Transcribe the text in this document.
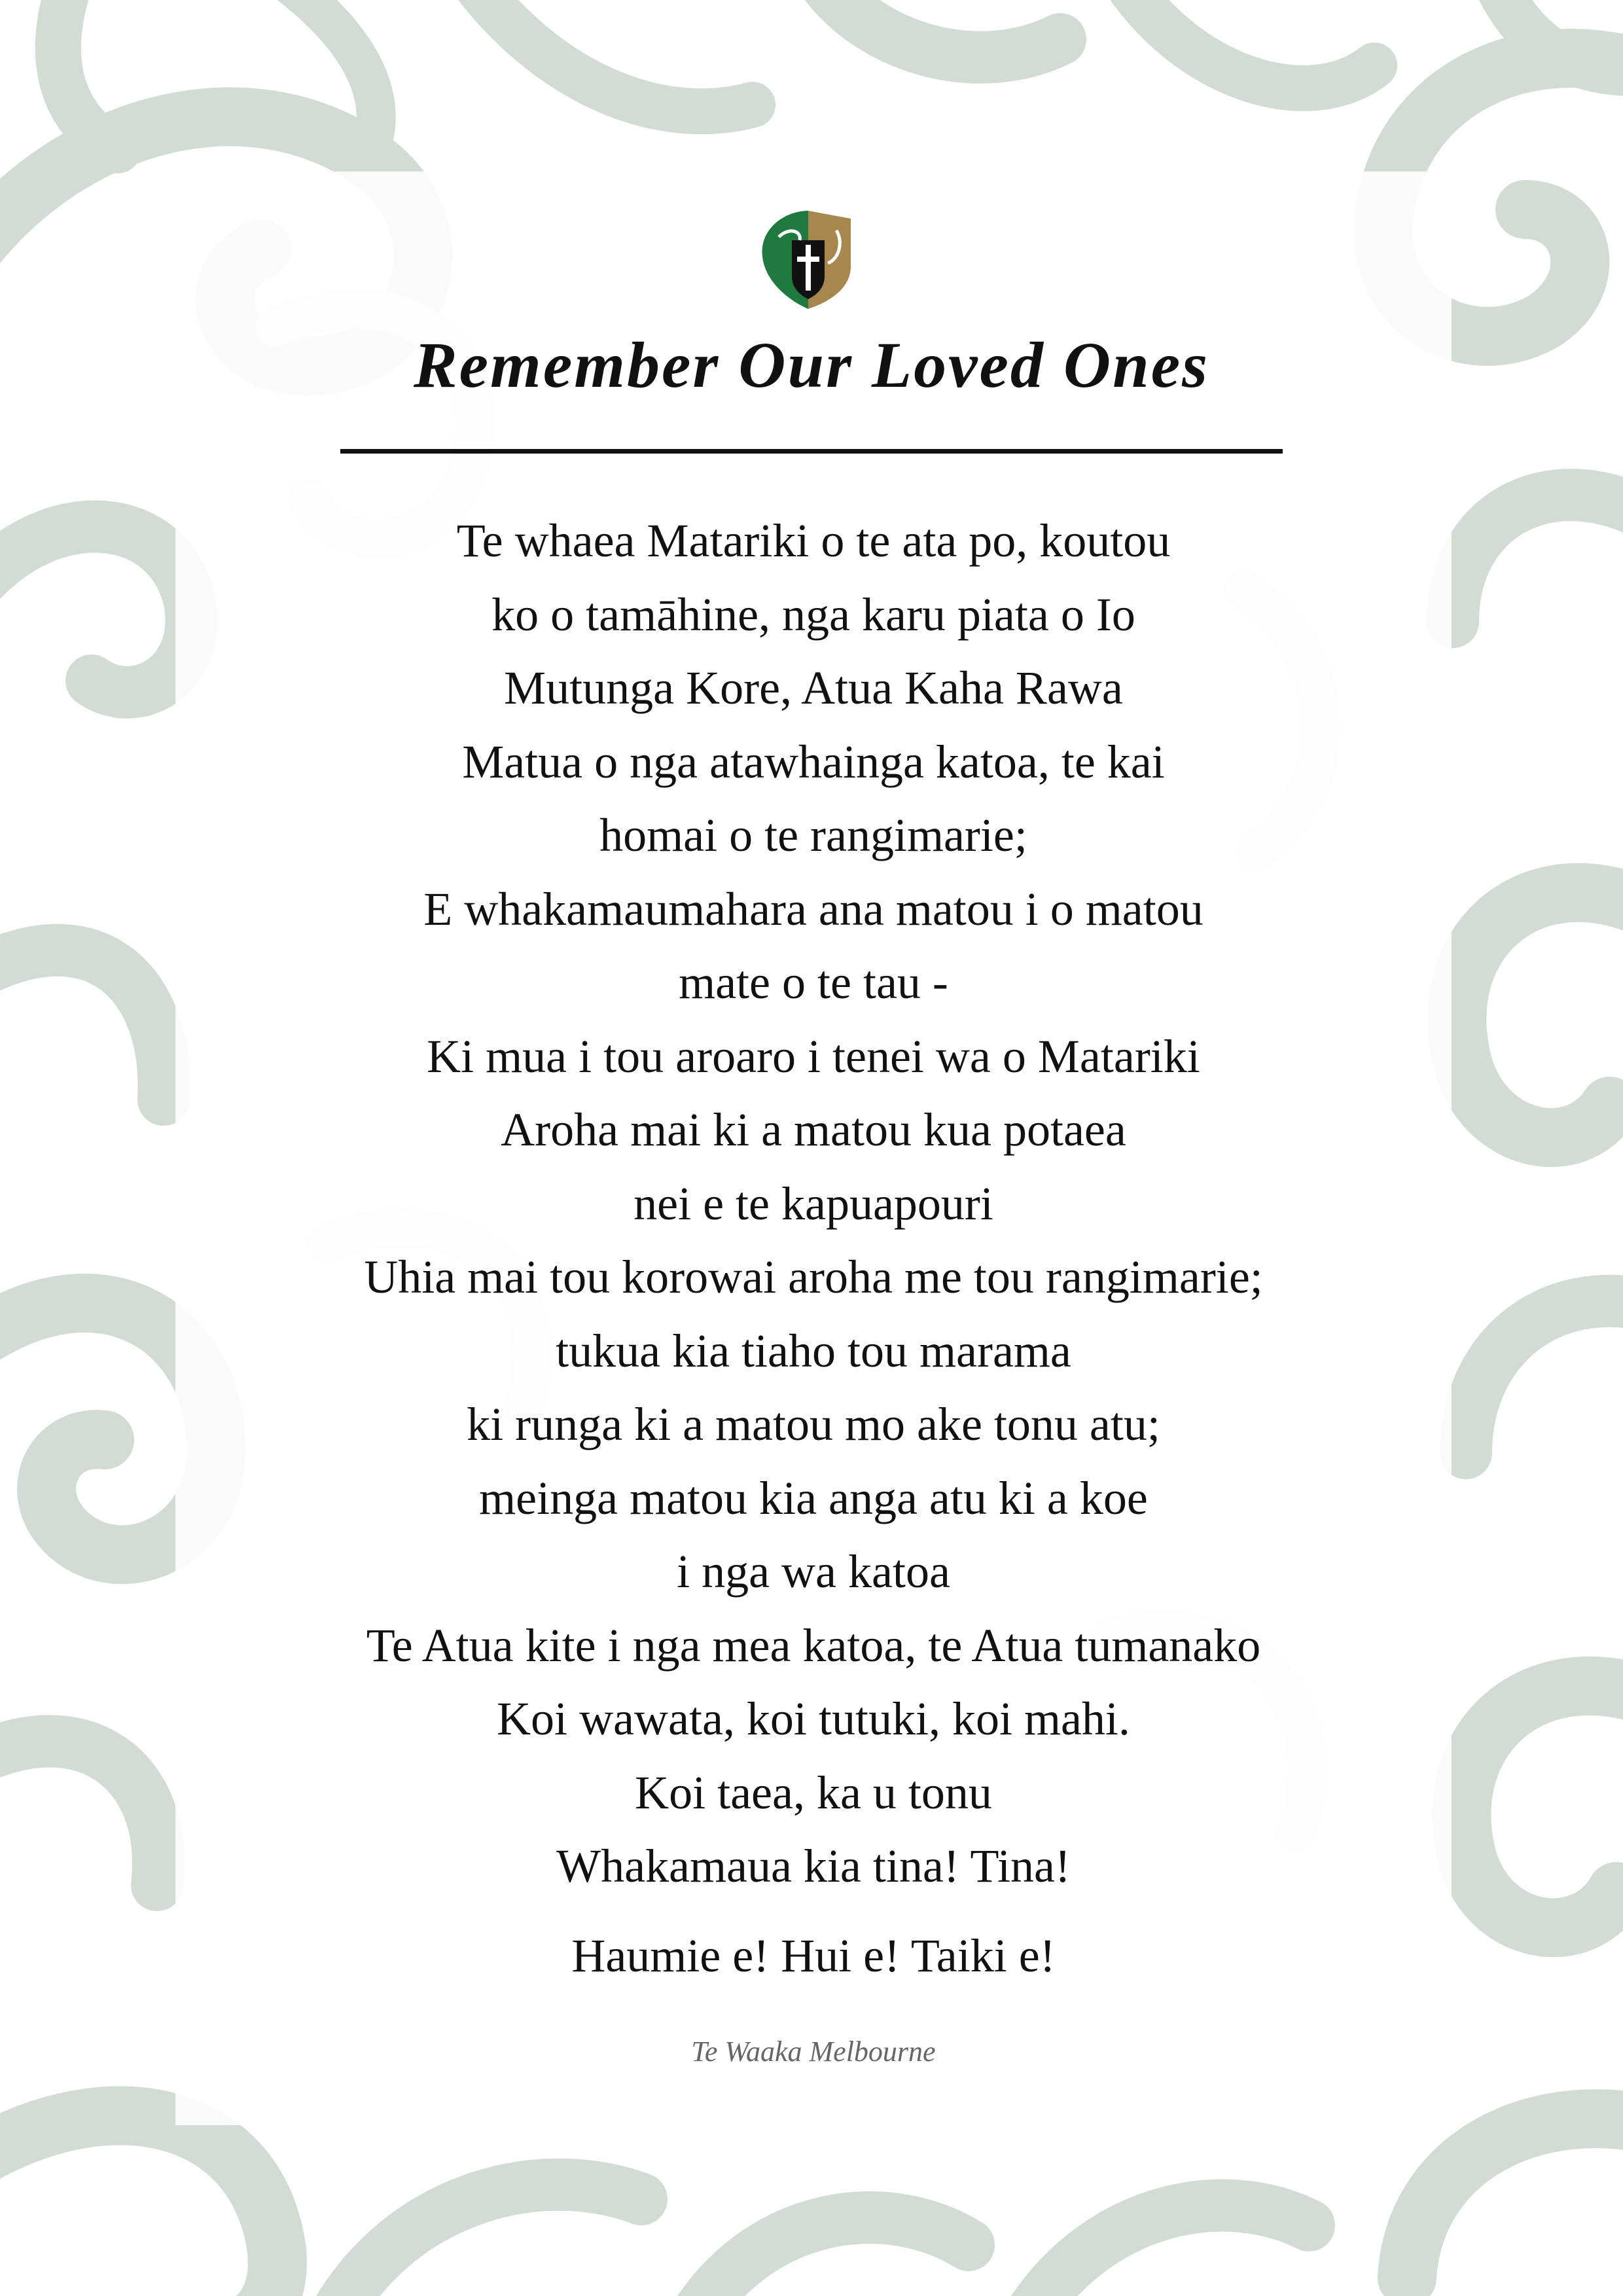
Remember Our Loved Ones
Te whaea Matariki o te ata po, koutou
ko o tamāhine, nga karu piata o Io
Mutunga Kore, Atua Kaha Rawa
Matua o nga atawhainga katoa, te kai
homai o te rangimarie;
E whakamaumahara ana matou i o matou
mate o te tau -
Ki mua i tou aroaro i tenei wa o Matariki
Aroha mai ki a matou kua potaea
nei e te kapuapouri
Uhia mai tou korowai aroha me tou rangimarie;
tukua kia tiaho tou marama
ki runga ki a matou mo ake tonu atu;
meinga matou kia anga atu ki a koe
i nga wa katoa
Te Atua kite i nga mea katoa, te Atua tumanako
Koi wawata, koi tutuki, koi mahi.
Koi taea, ka u tonu
Whakamaua kia tina! Tina!

Haumie e! Hui e! Taiki e!

Te Waaka Melbourne
